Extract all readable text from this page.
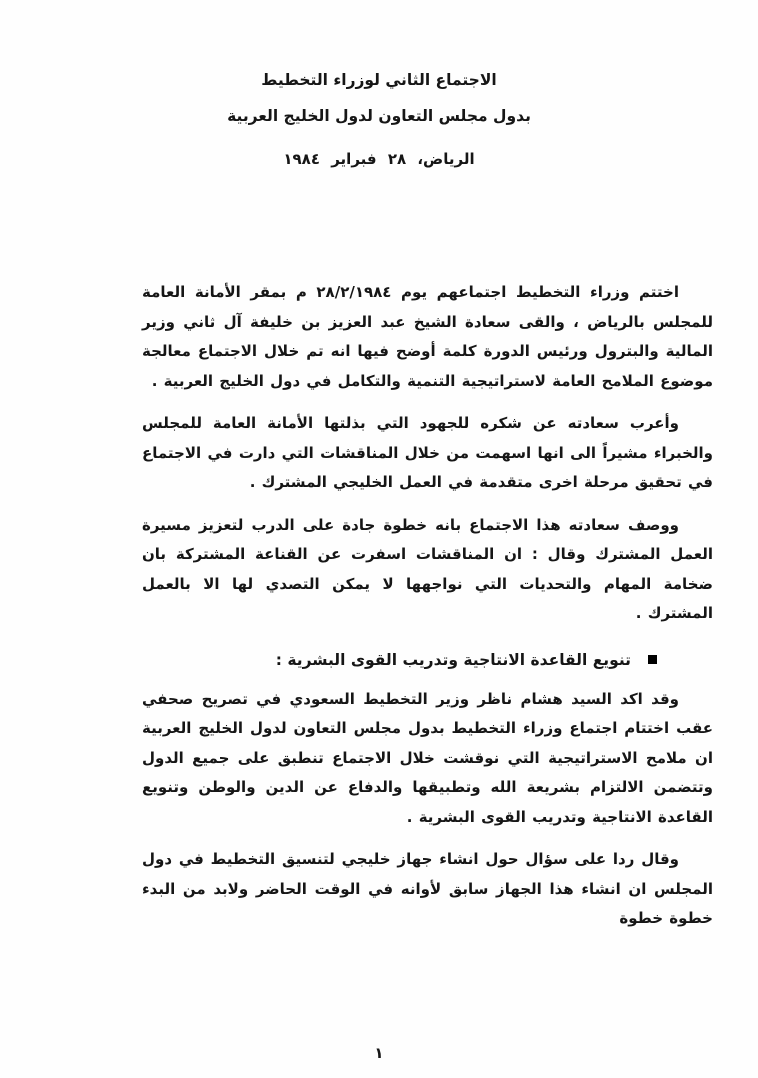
الاجتماع الثاني لوزراء التخطيط
بدول مجلس التعاون لدول الخليج العربية
الرياض، ٢٨ فبراير ١٩٨٤

اختتم وزراء التخطيط اجتماعهم يوم ٢٨/٢/١٩٨٤ م بمقر الأمانة العامة للمجلس بالرياض ، والقى سعادة الشيخ عبد العزيز بن خليفة آل ثاني وزير المالية والبترول ورئيس الدورة كلمة أوضح فيها انه تم خلال الاجتماع معالجة موضوع الملامح العامة لاستراتيجية التنمية والتكامل في دول الخليج العربية .

وأعرب سعادته عن شكره للجهود التي بذلتها الأمانة العامة للمجلس والخبراء مشيراً الى انها اسهمت من خلال المناقشات التي دارت في الاجتماع في تحقيق مرحلة اخرى متقدمة في العمل الخليجي المشترك .

ووصف سعادته هذا الاجتماع بانه خطوة جادة على الدرب لتعزيز مسيرة العمل المشترك وقال : ان المناقشات اسفرت عن القناعة المشتركة بان ضخامة المهام والتحديات التي نواجهها لا يمكن التصدي لها الا بالعمل المشترك .

تنويع القاعدة الانتاجية وتدريب القوى البشرية :

وقد اكد السيد هشام ناظر وزير التخطيط السعودي في تصريح صحفي عقب اختتام اجتماع وزراء التخطيط بدول مجلس التعاون لدول الخليج العربية ان ملامح الاستراتيجية التي نوقشت خلال الاجتماع تنطبق على جميع الدول وتتضمن الالتزام بشريعة الله وتطبيقها والدفاع عن الدين والوطن وتنويع القاعدة الانتاجية وتدريب القوى البشرية .

وقال ردا على سؤال حول انشاء جهاز خليجي لتنسيق التخطيط في دول المجلس ان انشاء هذا الجهاز سابق لأوانه في الوقت الحاضر ولابد من البدء خطوة خطوة

١
